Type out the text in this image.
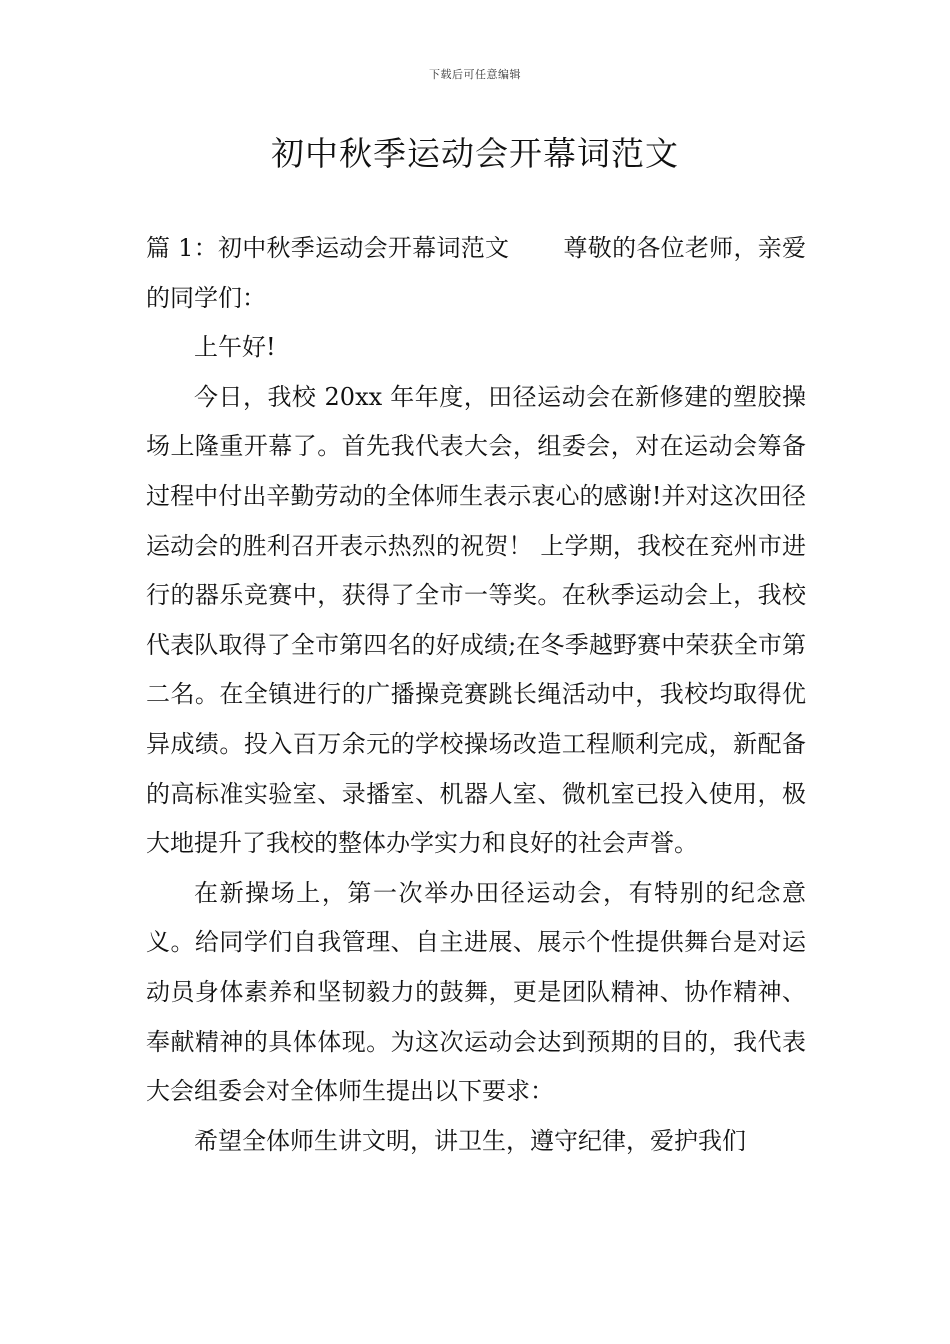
下载后可任意编辑
初中秋季运动会开幕词范文

篇 1：初中秋季运动会开幕词范文 尊敬的各位老师，亲爱的同学们：

上午好!

今日，我校 20xx 年年度，田径运动会在新修建的塑胶操场上隆重开幕了。首先我代表大会，组委会，对在运动会筹备过程中付出辛勤劳动的全体师生表示衷心的感谢!并对这次田径运动会的胜利召开表示热烈的祝贺！ 上学期，我校在兖州市进行的器乐竞赛中，获得了全市一等奖。在秋季运动会上，我校代表队取得了全市第四名的好成绩;在冬季越野赛中荣获全市第二名。在全镇进行的广播操竞赛跳长绳活动中，我校均取得优异成绩。投入百万余元的学校操场改造工程顺利完成，新配备的高标准实验室、录播室、机器人室、微机室已投入使用，极大地提升了我校的整体办学实力和良好的社会声誉。

在新操场上，第一次举办田径运动会，有特别的纪念意义。给同学们自我管理、自主进展、展示个性提供舞台是对运动员身体素养和坚韧毅力的鼓舞，更是团队精神、协作精神、奉献精神的具体体现。为这次运动会达到预期的目的，我代表大会组委会对全体师生提出以下要求：

希望全体师生讲文明，讲卫生，遵守纪律，爱护我们
